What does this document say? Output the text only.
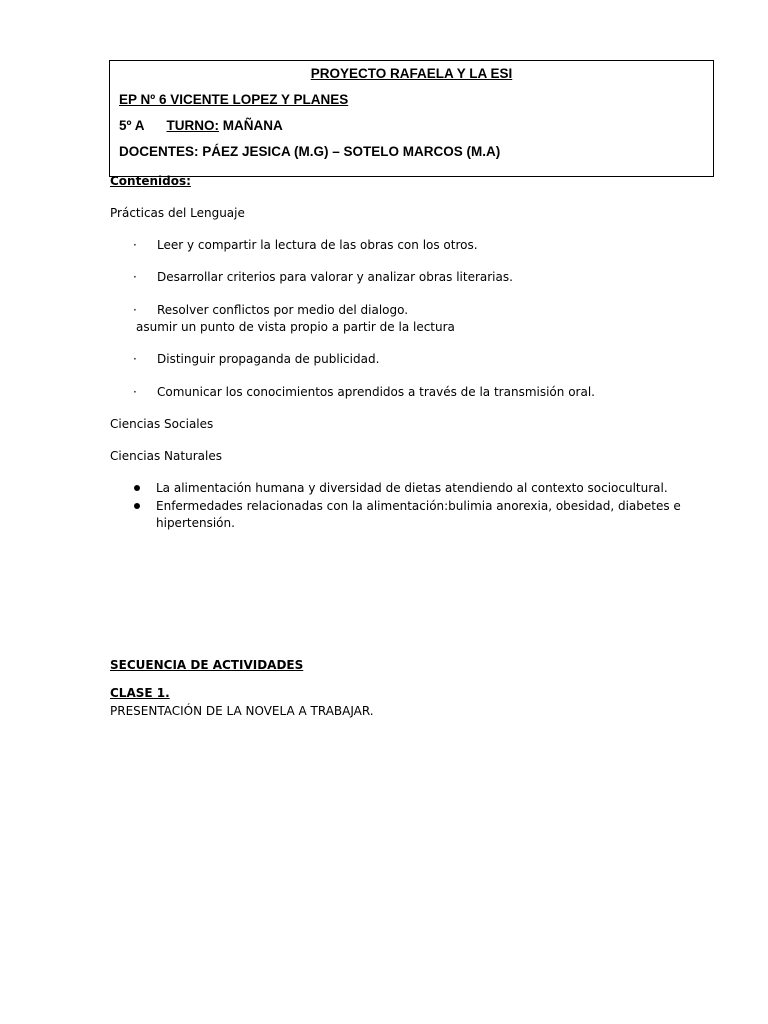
PROYECTO RAFAELA Y LA ESI
EP Nº 6 VICENTE LOPEZ Y PLANES
5º A TURNO: MAÑANA
DOCENTES: PÁEZ JESICA (M.G) – SOTELO MARCOS (M.A)
Contenidos:
Prácticas del Lenguaje
· Leer y compartir la lectura de las obras con los otros.
· Desarrollar criterios para valorar y analizar obras literarias.
· Resolver conflictos por medio del dialogo.
asumir un punto de vista propio a partir de la lectura
· Distinguir propaganda de publicidad.
· Comunicar los conocimientos aprendidos a través de la transmisión oral.
Ciencias Sociales
Ciencias Naturales
La alimentación humana y diversidad de dietas atendiendo al contexto sociocultural.
Enfermedades relacionadas con la alimentación:bulimia anorexia, obesidad, diabetes e
hipertensión.
SECUENCIA DE ACTIVIDADES
CLASE 1.
PRESENTACIÓN DE LA NOVELA A TRABAJAR.
